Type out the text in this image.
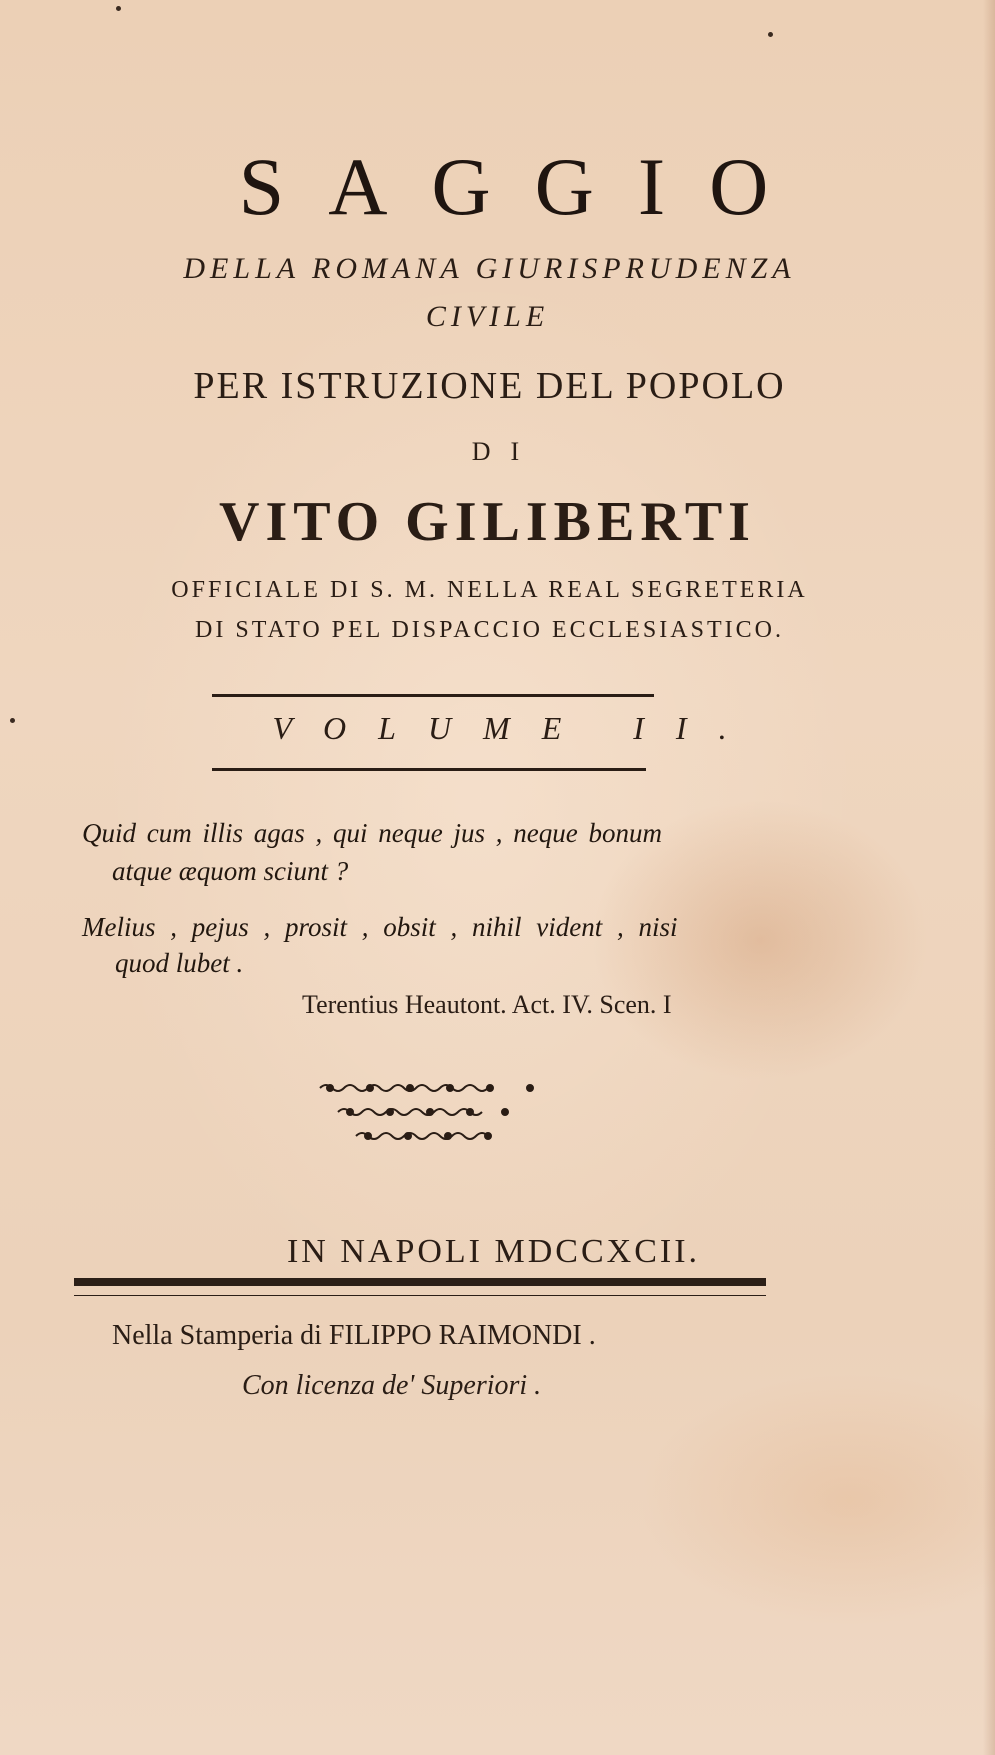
SAGGIO
DELLA ROMANA GIURISPRUDENZA
CIVILE
PER ISTRUZIONE DEL POPOLO
DI
VITO GILIBERTI
OFFICIALE DI S. M. NELLA REAL SEGRETERIA
DI STATO PEL DISPACCIO ECCLESIASTICO.
VOLUME II.
Quid cum illis agas , qui neque jus , neque bonum
atque æquom sciunt ?
Melius , pejus , prosit , obsit , nihil vident , nisi
quod lubet .
Terentius Heautont. Act. IV. Scen. I
IN NAPOLI MDCCXCII.
Nella Stamperia di FILIPPO RAIMONDI .
Con licenza de' Superiori .
